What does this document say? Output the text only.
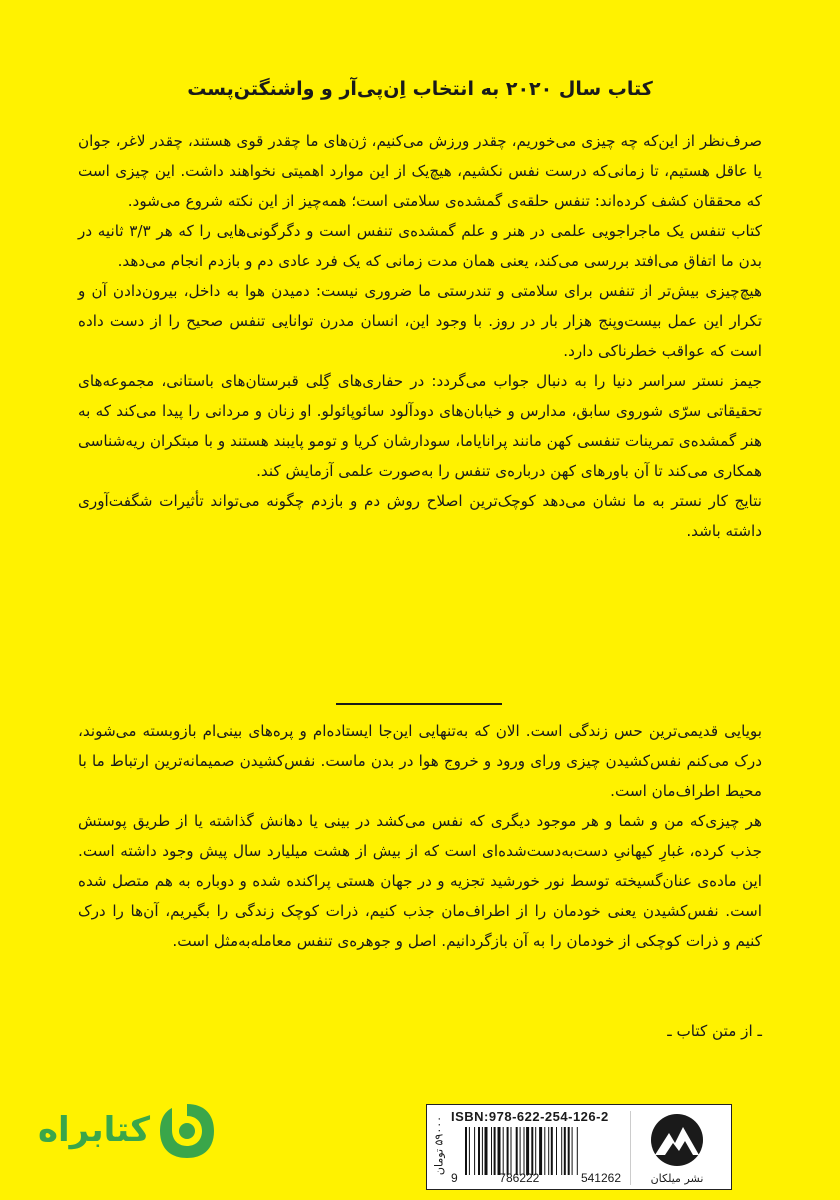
کتاب سال ۲۰۲۰ به انتخاب اِن‌پی‌آر و واشنگتن‌پست

صرف‌نظر از این‌که چه چیزی می‌خوریم، چقدر ورزش می‌کنیم، ژن‌های ما چقدر قوی هستند، چقدر لاغر، جوان یا عاقل هستیم، تا زمانی‌که درست نفس نکشیم، هیچ‌یک از این موارد اهمیتی نخواهند داشت. این چیزی است که محققان کشف کرده‌اند: تنفس حلقه‌ی گمشده‌ی سلامتی است؛ همه‌چیز از این نکته شروع می‌شود.

کتاب تنفس یک ماجراجویی علمی در هنر و علم گمشده‌ی تنفس است و دگرگونی‌هایی را که هر ۳/۳ ثانیه در بدن ما اتفاق می‌افتد بررسی می‌کند، یعنی همان مدت زمانی که یک فرد عادی دم و بازدم انجام می‌دهد.

هیچ‌چیزی بیش‌تر از تنفس برای سلامتی و تندرستی ما ضروری نیست: دمیدن هوا به داخل، بیرون‌دادن آن و تکرار این عمل بیست‌وپنج هزار بار در روز. با وجود این، انسان مدرن توانایی تنفس صحیح را از دست داده است که عواقب خطرناکی دارد.

جیمز نستر سراسر دنیا را به دنبال جواب می‌گردد: در حفاری‌های گِلی قبرستان‌های باستانی، مجموعه‌های تحقیقاتی سرّی شوروی سابق، مدارس و خیابان‌های دودآلود سائوپائولو. او زنان و مردانی را پیدا می‌کند که به هنر گمشده‌ی تمرینات تنفسی کهن مانند پرانایاما، سودارشان کریا و تومو پایبند هستند و با مبتکران ریه‌شناسی همکاری می‌کند تا آن باورهای کهن درباره‌ی تنفس را به‌صورت علمی آزمایش کند.

نتایج کار نستر به ما نشان می‌دهد کوچک‌ترین اصلاح روش دم و بازدم چگونه می‌تواند تأثیرات شگفت‌آوری داشته باشد.

بویایی قدیمی‌ترین حس زندگی است. الان که به‌تنهایی این‌جا ایستاده‌ام و پره‌های بینی‌ام بازوبسته می‌شوند، درک می‌کنم نفس‌کشیدن چیزی ورای ورود و خروج هوا در بدن ماست. نفس‌کشیدن صمیمانه‌ترین ارتباط ما با محیط اطراف‌مان است.

هر چیزی‌که من و شما و هر موجود دیگری که نفس می‌کشد در بینی یا دهانش گذاشته یا از طریق پوستش جذب کرده، غبارِ کیهانیِ دست‌به‌دست‌شده‌ای است که از بیش از هشت میلیارد سال پیش وجود داشته است. این ماده‌ی عنان‌گسیخته توسط نور خورشید تجزیه و در جهان هستی پراکنده شده و دوباره به هم متصل شده است. نفس‌کشیدن یعنی خودمان را از اطراف‌مان جذب کنیم، ذرات کوچک زندگی را بگیریم، آن‌ها را درک کنیم و ذرات کوچکی از خودمان را به آن بازگردانیم. اصل و جوهره‌ی تنفس معامله‌به‌مثل است.

ـ از متن کتاب ـ
کتابراه
۵۹۰۰۰ تومان ISBN:978-622-254-126-2
9	786222	541262	نشر میلکان
